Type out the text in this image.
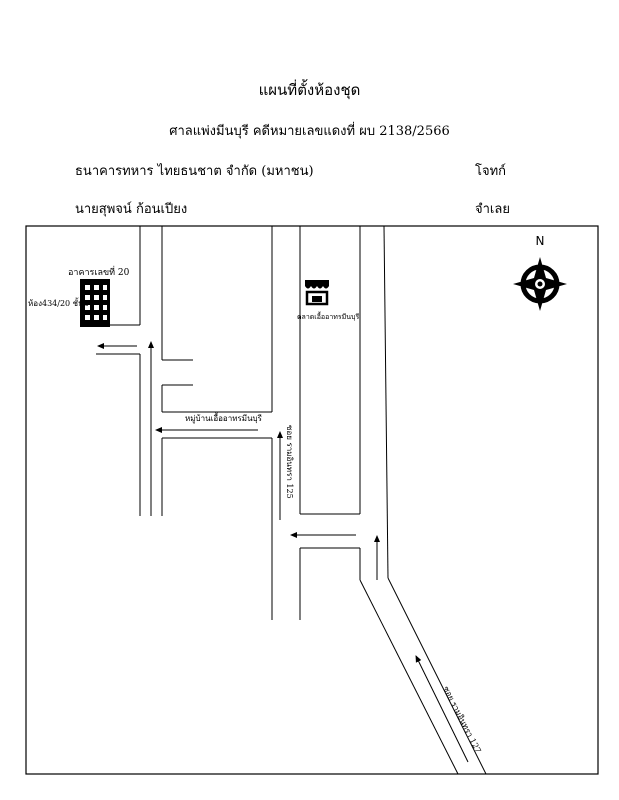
แผนที่ตั้งห้องชุด
ศาลแพ่งมีนบุรี คดีหมายเลขแดงที่ ผบ 2138/2566
ธนาคารทหาร ไทยธนชาต จำกัด (มหาชน)	โจทก์
นายสุพจน์ ก้อนเปียง	จำเลย
อาคารเลขที่ 20
ห้อง434/20 ชั้น3
ตลาดเอื้ออาทรมีนบุรี
หมู่บ้านเอื้ออาทรมีนบุรี
ซอย รามอินทรา 125
ซอย รามอินทรา 127
N
